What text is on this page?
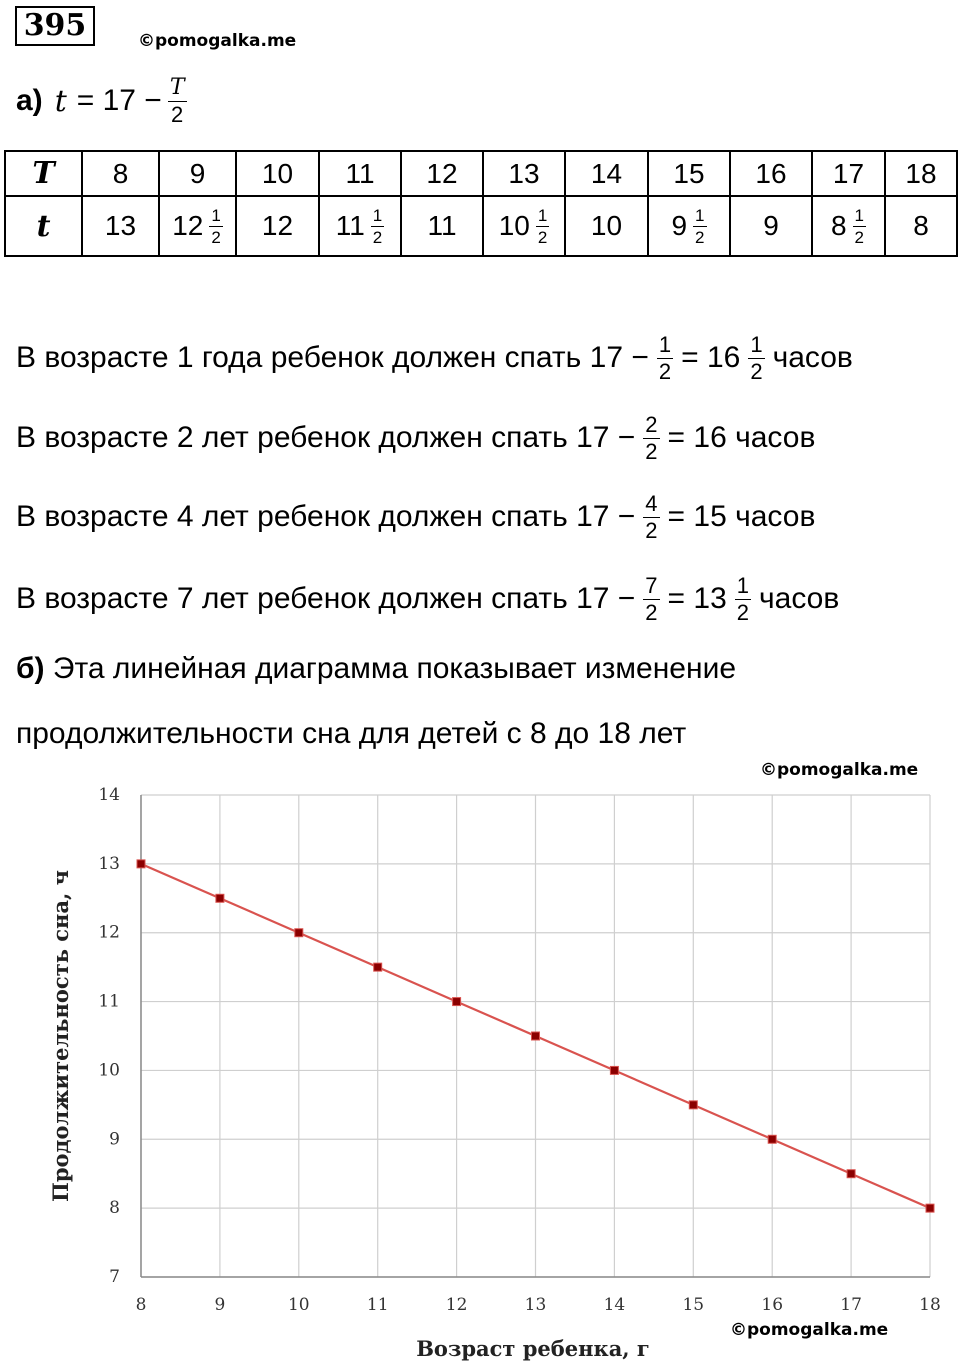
395	©pomogalka.me
а) $t = 17 - \frac{T}{2}$
T	8	9	10	11	12	13	14	15	16	17	18
t	13	$12 \frac{1}{2}$	12	$11 \frac{1}{2}$	11	$10 \frac{1}{2}$	10	$9 \frac{1}{2}$	9	$8 \frac{1}{2}$	8
В возрасте 1 года ребенок должен спать $17 - \frac{1}{2} = 16 \frac{1}{2}$ часов
В возрасте 2 лет ребенок должен спать $17 - \frac{2}{2} = 16$ часов
В возрасте 4 лет ребенок должен спать $17 - \frac{4}{2} = 15$ часов
В возрасте 7 лет ребенок должен спать $17 - \frac{7}{2} = 13 \frac{1}{2}$ часов
б) Эта линейная диаграмма показывает изменение
продолжительности сна для детей с 8 до 18 лет
©pomogalka.me
©pomogalka.me
8	9	10	11	12	13	14	15	16	17	18
7
8
9
10
11
12
13
14
Продолжительность сна, ч
Возраст ребенка, г
